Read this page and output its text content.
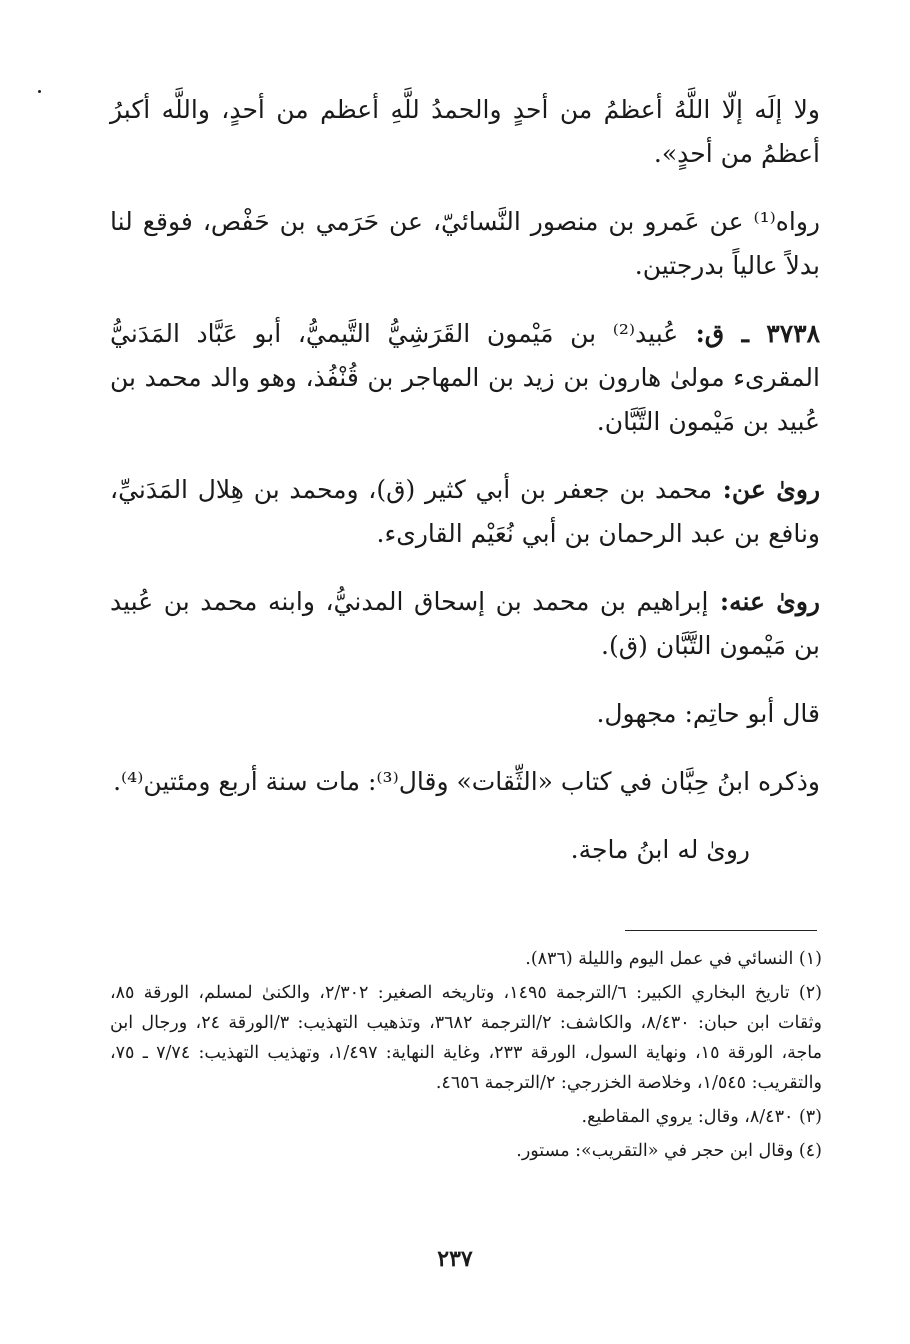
ولا إلَه إلّا اللَّهُ أعظمُ من أحدٍ والحمدُ للَّهِ أعظم من أحدٍ، واللَّه أكبرُ أعظمُ من أحدٍ».

رواه⁽¹⁾ عن عَمرو بن منصور النَّسائيّ، عن حَرَمي بن حَفْص، فوقع لنا بدلاً عالياً بدرجتين.

٣٧٣٨ ـ ق: عُبيد⁽²⁾ بن مَيْمون القَرَشِيُّ التَّيميُّ، أبو عَبَّاد المَدَنيُّ المقرىء مولىٰ هارون بن زيد بن المهاجر بن قُنْفُذ، وهو والد محمد بن عُبيد بن مَيْمون التَّبَّان.

روىٰ عن: محمد بن جعفر بن أبي كثير (ق)، ومحمد بن هِلال المَدَنيِّ، ونافع بن عبد الرحمان بن أبي نُعَيْم القارىء.

روىٰ عنه: إبراهيم بن محمد بن إسحاق المدنيُّ، وابنه محمد بن عُبيد بن مَيْمون التَّبَّان (ق).

قال أبو حاتِم: مجهول.

وذكره ابنُ حِبَّان في كتاب «الثِّقات» وقال⁽³⁾: مات سنة أربع ومئتين⁽⁴⁾.

روىٰ له ابنُ ماجة.

(١) النسائي في عمل اليوم والليلة (٨٣٦).

(٢) تاريخ البخاري الكبير: ٦/الترجمة ١٤٩٥، وتاريخه الصغير: ٢/٣٠٢، والكنىٰ لمسلم، الورقة ٨٥، وثقات ابن حبان: ٨/٤٣٠، والكاشف: ٢/الترجمة ٣٦٨٢، وتذهيب التهذيب: ٣/الورقة ٢٤، ورجال ابن ماجة، الورقة ١٥، ونهاية السول، الورقة ٢٣٣، وغاية النهاية: ١/٤٩٧، وتهذيب التهذيب: ٧/٧٤ ـ ٧٥، والتقريب: ١/٥٤٥، وخلاصة الخزرجي: ٢/الترجمة ٤٦٥٦.

(٣) ٨/٤٣٠، وقال: يروي المقاطيع.

(٤) وقال ابن حجر في «التقريب»: مستور.

٢٣٧
